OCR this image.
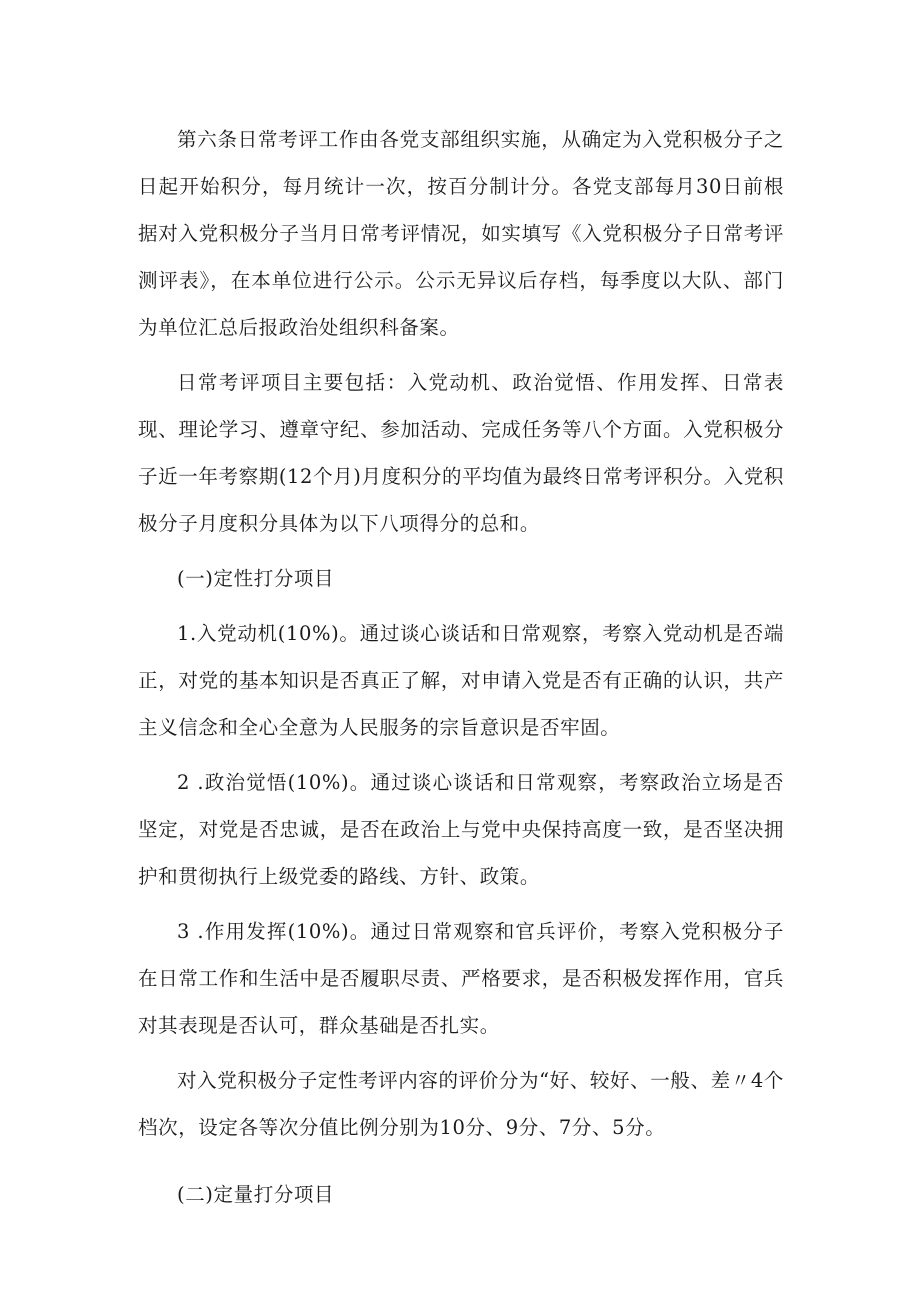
第六条日常考评工作由各党支部组织实施，从确定为入党积极分子之日起开始积分，每月统计一次，按百分制计分。各党支部每月30日前根据对入党积极分子当月日常考评情况，如实填写《入党积极分子日常考评测评表》，在本单位进行公示。公示无异议后存档，每季度以大队、部门为单位汇总后报政治处组织科备案。

日常考评项目主要包括：入党动机、政治觉悟、作用发挥、日常表现、理论学习、遵章守纪、参加活动、完成任务等八个方面。入党积极分子近一年考察期(12个月)月度积分的平均值为最终日常考评积分。入党积极分子月度积分具体为以下八项得分的总和。

(一)定性打分项目

1.入党动机(10%)。通过谈心谈话和日常观察，考察入党动机是否端正，对党的基本知识是否真正了解，对申请入党是否有正确的认识，共产主义信念和全心全意为人民服务的宗旨意识是否牢固。

2 .政治觉悟(10%)。通过谈心谈话和日常观察，考察政治立场是否坚定，对党是否忠诚，是否在政治上与党中央保持高度一致，是否坚决拥护和贯彻执行上级党委的路线、方针、政策。

3 .作用发挥(10%)。通过日常观察和官兵评价，考察入党积极分子在日常工作和生活中是否履职尽责、严格要求，是否积极发挥作用，官兵对其表现是否认可，群众基础是否扎实。

对入党积极分子定性考评内容的评价分为“好、较好、一般、差〃4个档次，设定各等次分值比例分别为10分、9分、7分、5分。

(二)定量打分项目
